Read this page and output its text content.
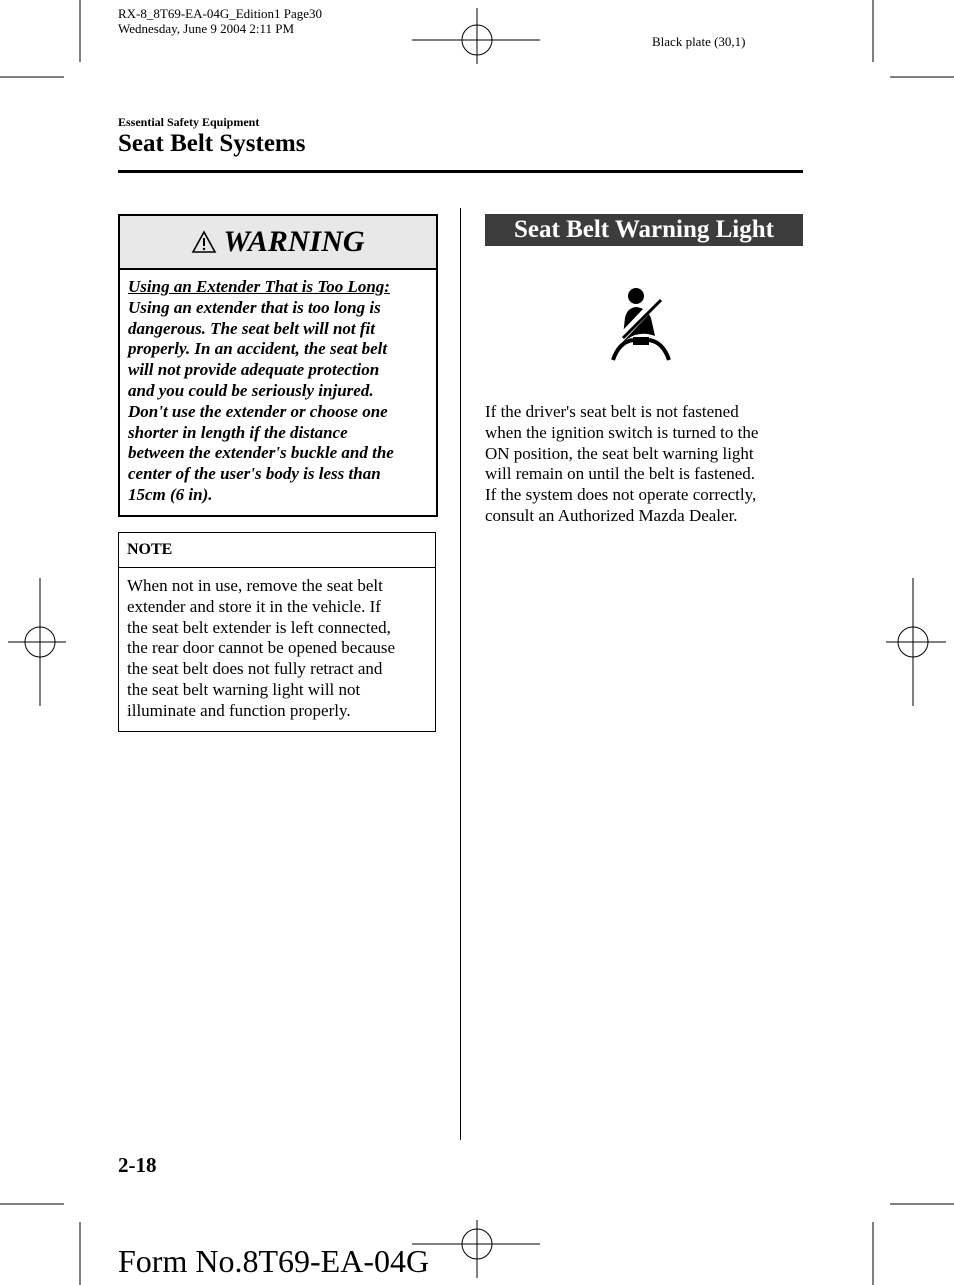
RX-8_8T69-EA-04G_Edition1 Page30
Wednesday, June 9 2004 2:11 PM
Black plate (30,1)
Essential Safety Equipment
Seat Belt Systems
WARNING
Using an Extender That is Too Long:
Using an extender that is too long is
dangerous. The seat belt will not fit
properly. In an accident, the seat belt
will not provide adequate protection
and you could be seriously injured.
Don't use the extender or choose one
shorter in length if the distance
between the extender's buckle and the
center of the user's body is less than
15cm (6 in).
NOTE
When not in use, remove the seat belt
extender and store it in the vehicle. If
the seat belt extender is left connected,
the rear door cannot be opened because
the seat belt does not fully retract and
the seat belt warning light will not
illuminate and function properly.
Seat Belt Warning Light
If the driver's seat belt is not fastened
when the ignition switch is turned to the
ON position, the seat belt warning light
will remain on until the belt is fastened.
If the system does not operate correctly,
consult an Authorized Mazda Dealer.
2-18
Form No.8T69-EA-04G
